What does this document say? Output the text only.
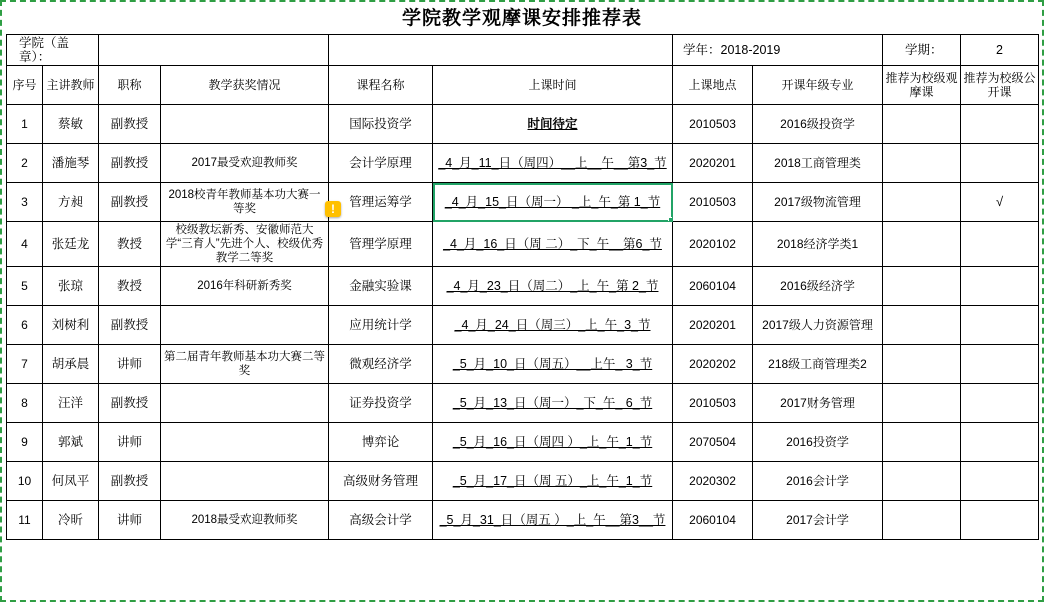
学院教学观摩课安排推荐表
学院（盖章）：						学年：2018-2019		学期：	2
序号	主讲教师	职称	教学获奖情况	课程名称	上课时间	上课地点	开课年级专业	推荐为校级观摩课	推荐为校级公开课
1	蔡敏	副教授		国际投资学	时间待定	2010503	2016级投资学		
2	潘施琴	副教授	2017最受欢迎教师奖	会计学原理	_4_月_11_日（周四）__上__午__第3_节	2020201	2018工商管理类		
3	方昶	副教授	2018校青年教师基本功大赛一等奖	管理运筹学	_4_月_15_日（周一） _上_午_第 1_节	2010503	2017级物流管理		√
4	张廷龙	教授	校级教坛新秀、安徽师范大学“三育人”先进个人、校级优秀教学二等奖	管理学原理	_4_月_16_日（周 二）_下_午__第6_节	2020102	2018经济学类1		
5	张琼	教授	2016年科研新秀奖	金融实验课	_4_月_23_日（周二）_上_午_第 2_节	2060104	2016级经济学		
6	刘树利	副教授		应用统计学	_4_月_24_日（周三）_上_午_3_节	2020201	2017级人力资源管理		
7	胡承晨	讲师	第二届青年教师基本功大赛二等奖	微观经济学	_5_月_10_日（周五）__上午_ 3_节	2020202	218级工商管理类2		
8	汪洋	副教授		证券投资学	_5_月_13_日（周一）_下_午_ 6_节	2010503	2017财务管理		
9	郭斌	讲师		博弈论	_5_月_16_日（周四 ）_上_午_1_节	2070504	2016投资学		
10	何凤平	副教授		高级财务管理	_5_月_17_日（周 五）_上_午_1_节	2020302	2016会计学		
11	冷昕	讲师	2018最受欢迎教师奖	高级会计学	_5_月_31_日（周五 ）_上_午__第3__节	2060104	2017会计学		
!
